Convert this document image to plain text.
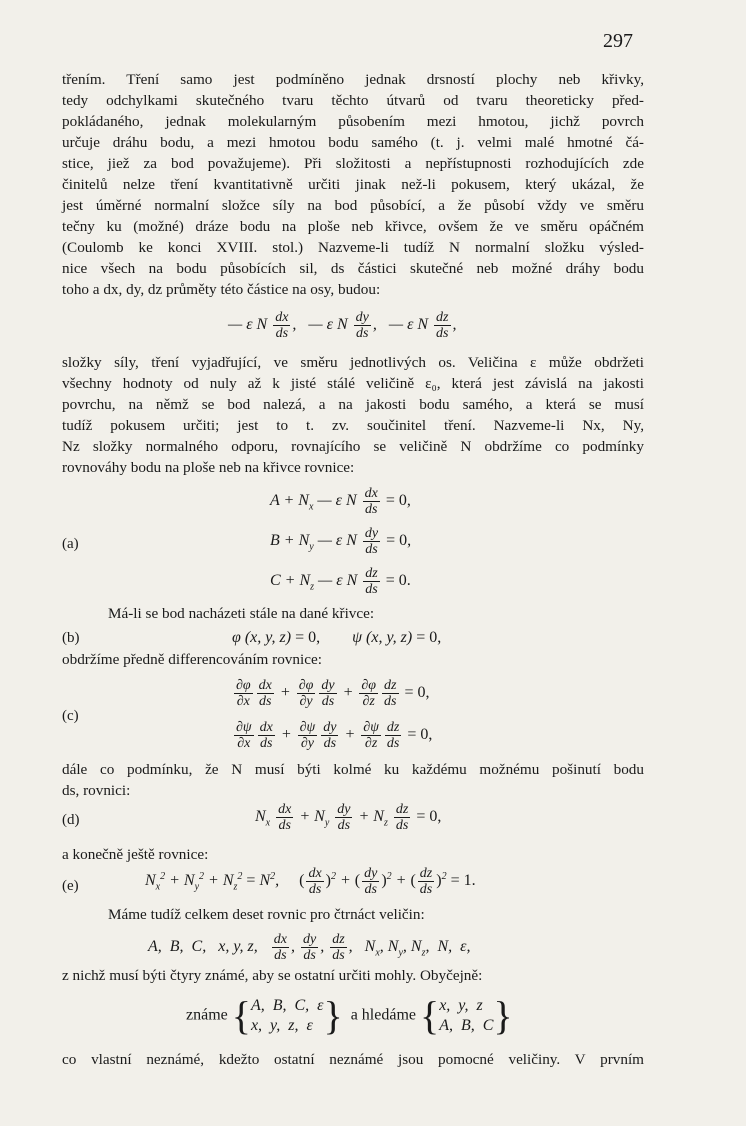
297
třením. Tření samo jest podmíněno jednak drsností plochy neb křivky,
tedy odchylkami skutečného tvaru těchto útvarů od tvaru theoreticky před-
pokládaného, jednak molekularným působením mezi hmotou, jichž povrch
určuje dráhu bodu, a mezi hmotou bodu samého (t. j. velmi malé hmotné čá-
stice, jiež za bod považujeme). Při složitosti a nepřístupnosti rozhodujících zde
činitelů nelze tření kvantitativně určiti jinak než-li pokusem, který ukázal, že
jest úměrné normalní složce síly na bod působící, a že působí vždy ve směru
tečny ku (možné) dráze bodu na ploše neb křivce, ovšem že ve směru opáčném
(Coulomb ke konci XVIII. stol.) Nazveme-li tudíž N normalní složku výsled-
nice všech na bodu působících sil, ds částici skutečné neb možné dráhy bodu
toho a dx, dy, dz průměty této částice na osy, budou:
— ε N $\frac{dx}{ds}$ ,   — ε N $\frac{dy}{ds}$ ,   — ε N $\frac{dz}{ds}$ ,
složky síly, tření vyjadřující, ve směru jednotlivých os. Veličina ε může obdržeti
všechny hodnoty od nuly až k jisté stálé veličině ε₀, která jest závislá na jakosti
povrchu, na němž se bod nalezá, a na jakosti bodu samého, a která se musí
tudíž pokusem určiti; jest to t. zv. součinitel tření. Nazveme-li Nx, Ny,
Nz složky normalného odporu, rovnajícího se veličině N obdržíme co podmínky
rovnováhy bodu na ploše neb na křivce rovnice:
$A + N_x$ — ε N $\frac{dx}{ds} = 0$,
(a)	$B + N_y$ — ε N $\frac{dy}{ds} = 0$,
$C + N_z$ — ε N $\frac{dz}{ds} = 0$.
Má-li se bod nacházeti stále na dané křivce:
(b)	φ (x, y, z) = 0,        ψ (x, y, z) = 0,
obdržíme předně differencováním rovnice:
$\frac{\partial\varphi}{\partial x} \frac{dx}{ds} + \frac{\partial\varphi}{\partial y} \frac{dy}{ds} + \frac{\partial\varphi}{\partial z} \frac{dz}{ds} = 0$,
(c)
$\frac{\partial\psi}{\partial x} \frac{dx}{ds} + \frac{\partial\psi}{\partial y} \frac{dy}{ds} + \frac{\partial\psi}{\partial z} \frac{dz}{ds} = 0$,
dále co podmínku, že N musí býti kolmé ku každému možnému pošinutí bodu
ds, rovnici:
(d)	$N_x \frac{dx}{ds} + N_y \frac{dy}{ds} + N_z \frac{dz}{ds} = 0$,
a konečně ještě rovnice:
(e)	$N_x^2 + N_y^2 + N_z^2 = N^2$,     ( $\frac{dx}{ds} )^2$ + ( $\frac{dy}{ds} )^2$ + ( $\frac{dz}{ds} )^2 = 1$.
Máme tudíž celkem deset rovnic pro čtrnáct veličin:
A,  B,  C,   x, y, z, $\frac{dx}{ds}$ , $\frac{dy}{ds}$ , $\frac{dz}{ds}$ ,   $N_x$, $N_y$, $N_z$,  N,  ε,
z nichž musí býti čtyry známé, aby se ostatní určiti mohly. Obyčejně:
známe {A,  B,  C,  ε
x,  y,  z,  ε } a hledáme {x,  y,  z
A,  B,  C}
co vlastní neznámé, kdežto ostatní neznámé jsou pomocné veličiny. V prvním
